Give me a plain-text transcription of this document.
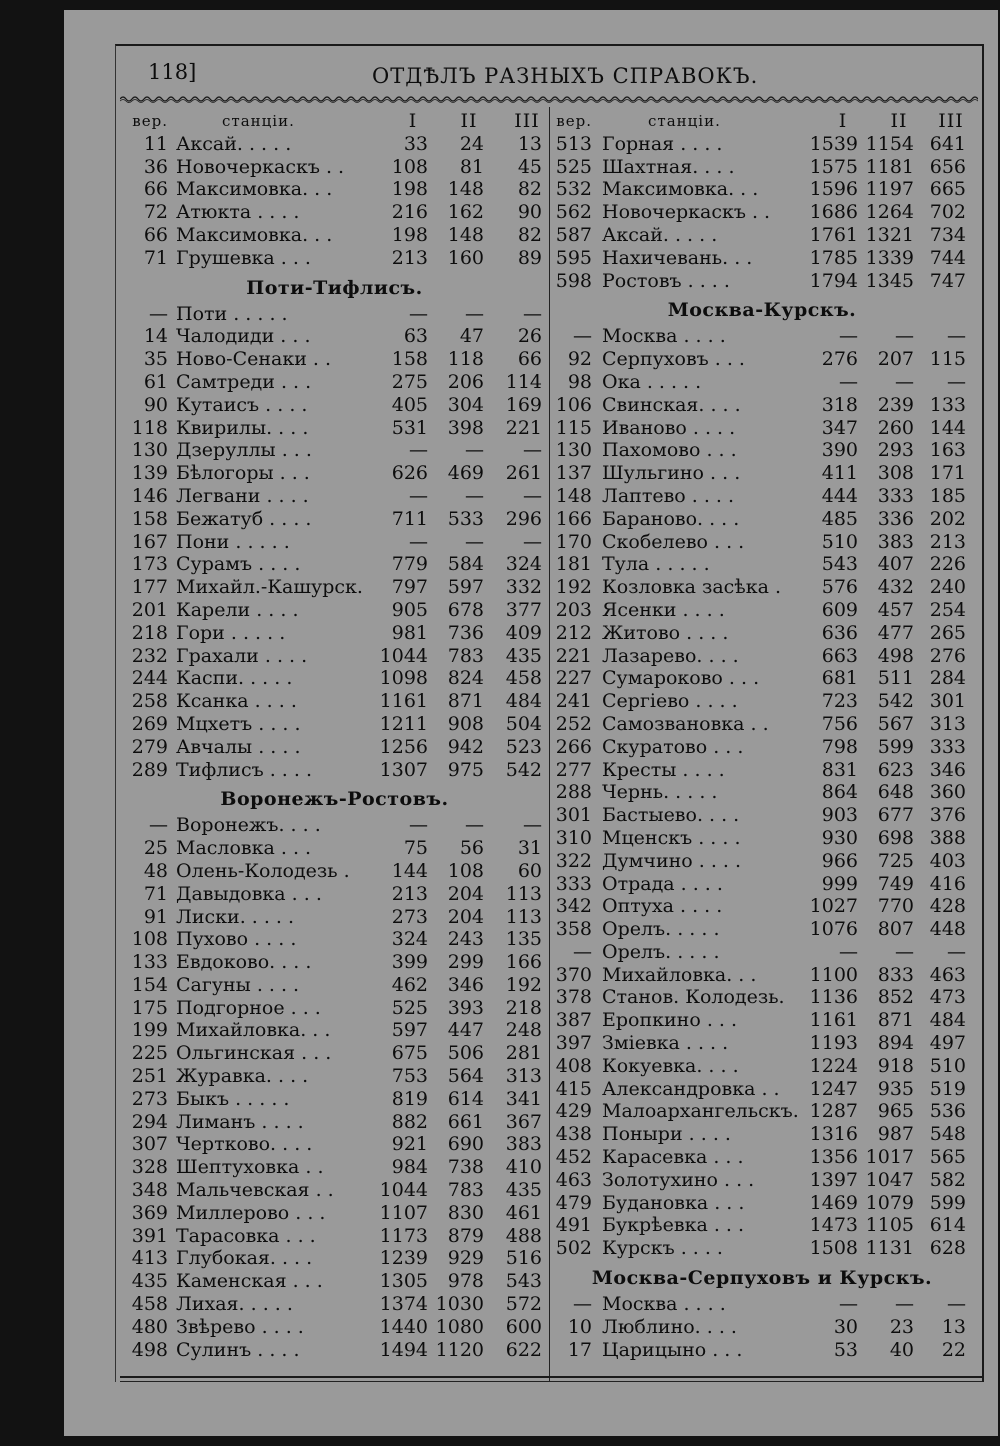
118]	ОТДѢЛЪ РАЗНЫХЪ СПРАВОКЪ.
вер.	станціи.	I	II	III
11 Аксай. . . . .	33	24	13
36 Новочеркаскъ . .	108	81	45
66 Максимовка. . .	198	148	82
72 Атюкта . . . .	216	162	90
66 Максимовка. . .	198	148	82
71 Грушевка . . .	213	160	89
Поти-Тифлисъ.
— Поти . . . . .	—	—	—
14 Чалодиди . . .	63	47	26
35 Ново-Сенаки . .	158	118	66
61 Самтреди . . .	275	206	114
90 Кутаисъ . . . .	405	304	169
118 Квирилы. . . .	531	398	221
130 Дзеруллы . . .	—	—	—
139 Бѣлогоры . . .	626	469	261
146 Легвани . . . .	—	—	—
158 Бежатуб . . . .	711	533	296
167 Пони . . . . .	—	—	—
173 Сурамъ . . . .	779	584	324
177 Михайл.-Кашурск.	797	597	332
201 Карели . . . .	905	678	377
218 Гори . . . . .	981	736	409
232 Грахали . . . .	1044	783	435
244 Каспи. . . . .	1098	824	458
258 Ксанка . . . .	1161	871	484
269 Мцхетъ . . . .	1211	908	504
279 Авчалы . . . .	1256	942	523
289 Тифлисъ . . . .	1307	975	542
Воронежъ-Ростовъ.
— Воронежъ. . . .	—	—	—
25 Масловка . . .	75	56	31
48 Олень-Колодезь .	144	108	60
71 Давыдовка . . .	213	204	113
91 Лиски. . . . .	273	204	113
108 Пухово . . . .	324	243	135
133 Евдоково. . . .	399	299	166
154 Сагуны . . . .	462	346	192
175 Подгорное . . .	525	393	218
199 Михайловка. . .	597	447	248
225 Ольгинская . . .	675	506	281
251 Журавка. . . .	753	564	313
273 Быкъ . . . . .	819	614	341
294 Лиманъ . . . .	882	661	367
307 Чертково. . . .	921	690	383
328 Шептуховка . .	984	738	410
348 Мальчевская . .	1044	783	435
369 Миллерово . . .	1107	830	461
391 Тарасовка . . .	1173	879	488
413 Глубокая. . . .	1239	929	516
435 Каменская . . .	1305	978	543
458 Лихая. . . . .	1374 1030	572
480 Звѣрево . . . .	1440 1080	600
498 Сулинъ . . . .	1494 1120	622
вер.	станціи.	I	II	III
513 Горная . . . .	1539 1154 641
525 Шахтная. . . .	1575 1181 656
532 Максимовка. . .	1596 1197 665
562 Новочеркаскъ . .	1686 1264 702
587 Аксай. . . . .	1761 1321 734
595 Нахичевань. . .	1785 1339 744
598 Ростовъ . . . .	1794 1345 747
Москва-Курскъ.
— Москва . . . .	—	—	—
92 Серпуховъ . . .	276	207 115
98 Ока . . . . .	—	—	—
106 Свинская. . . .	318	239 133
115 Иваново . . . .	347	260 144
130 Пахомово . . .	390	293 163
137 Шульгино . . .	411	308 171
148 Лаптево . . . .	444	333 185
166 Бараново. . . .	485	336 202
170 Скобелево . . .	510	383 213
181 Тула . . . . .	543	407 226
192 Козловка засѣка .	576	432 240
203 Ясенки . . . .	609	457 254
212 Житово . . . .	636	477 265
221 Лазарево. . . .	663	498 276
227 Сумароково . . .	681	511 284
241 Сергіево . . . .	723	542 301
252 Самозвановка . .	756	567 313
266 Скуратово . . .	798	599 333
277 Кресты . . . .	831	623 346
288 Чернь. . . . .	864	648 360
301 Бастыево. . . .	903	677 376
310 Мценскъ . . . .	930	698 388
322 Думчино . . . .	966	725 403
333 Отрада . . . .	999	749 416
342 Оптуха . . . .	1027	770 428
358 Орелъ. . . . .	1076	807 448
— Орелъ. . . . .	—	—	—
370 Михайловка. . .	1100	833 463
378 Станов. Колодезь.	1136	852 473
387 Еропкино . . .	1161	871 484
397 Зміевка . . . .	1193	894 497
408 Кокуевка. . . .	1224	918 510
415 Александровка . .	1247	935 519
429 Малоархангельскъ. 1287	965 536
438 Поныри . . . .	1316	987 548
452 Карасевка . . .	1356 1017 565
463 Золотухино . . .	1397 1047 582
479 Будановка . . .	1469 1079 599
491 Букрѣевка . . .	1473 1105 614
502 Курскъ . . . .	1508 1131 628
Москва-Серпуховъ и Курскъ.
— Москва . . . .	—	—	—
10 Люблино. . . .	30	23	13
17 Царицыно . . .	53	40	22
